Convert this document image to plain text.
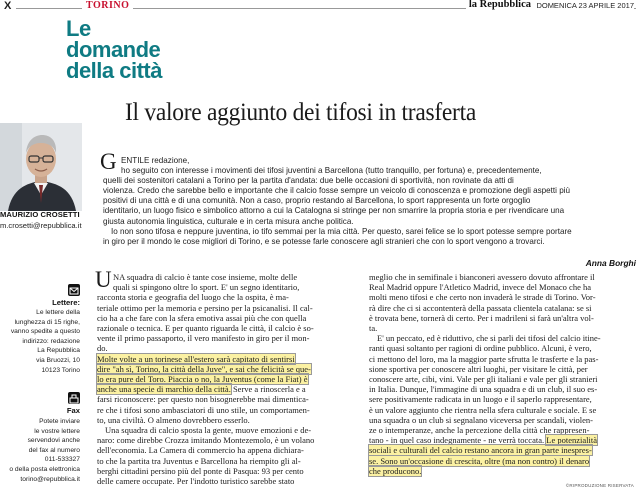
X	TORINO	la Repubblica DOMENICA 23 APRILE 2017
Le
domande
della città
Il valore aggiunto dei tifosi in trasferta
MAURIZIO CROSETTI
m.crosetti@repubblica.it
Lettere:
Le lettere della
lunghezza di 15 righe,
vanno spedite a questo
indirizzo: redazione
La Repubblica
via Bruozzi, 10
10123 Torino
Fax
Potete inviare
le vostre lettere
servendovi anche
del fax al numero
011-533327
o della posta elettronica
torino@repubblica.it
G ENTILE redazione,
ho seguito con interesse i movimenti dei tifosi juventini a Barcellona (tutto tranquillo, per fortuna) e, precedentemente,
quelli dei sostenitori catalani a Torino per la partita d'andata: due belle occasioni di sportività, non rovinate da atti di
violenza. Credo che sarebbe bello e importante che il calcio fosse sempre un veicolo di conoscenza e promozione degli aspetti più
positivi di una città e di una comunità. Non a caso, proprio restando al Barcellona, lo sport rappresenta un forte orgoglio
identitario, un luogo fisico e simbolico attorno a cui la Catalogna si stringe per non smarrire la propria storia e per rivendicare una
giusta autonomia linguistica, culturale e in certa misura anche politica.
Io non sono tifosa e neppure juventina, io tifo semmai per la mia città. Per questo, sarei felice se lo sport potesse sempre portare
in giro per il mondo le cose migliori di Torino, e se potesse farle conoscere agli stranieri che con lo sport vengono a trovarci.
Anna Borghi
U NA squadra di calcio è tante cose insieme, molte delle
quali si spingono oltre lo sport. E' un segno identitario,
racconta storia e geografia del luogo che la ospita, è ma-
teriale ottimo per la memoria e persino per la psicanalisi. Il cal-
cio ha a che fare con la sfera emotiva assai più che con quella
razionale o tecnica. E per quanto riguarda le città, il calcio è so-
vente il primo passaporto, il vero manifesto in giro per il mon-
do.
Molte volte a un torinese all'estero sarà capitato di sentirsi
dire "ah sì, Torino, la città della Juve", e sai che felicità se que-
lo era pure del Toro. Piaccia o no, la Juventus (come la Fiat) è
anche una specie di marchio della città. Serve a rinoscerla e a
farsi riconoscere: per questo non bisognerebbe mai dimentica-
re che i tifosi sono ambasciatori di uno stile, un comportamen-
to, una civiltà. O almeno dovrebbero esserlo.
Una squadra di calcio sposta la gente, muove emozioni e de-
naro: come direbbe Crozza imitando Montezemolo, è un volano
dell'economia. La Camera di commercio ha appena dichiara-
to che la partita tra Juventus e Barcellona ha riempito gli al-
berghi cittadini persino più del ponte di Pasqua: 93 per cento
delle camere occupate. Per l'indotto turistico sarebbe stato
meglio che in semifinale i bianconeri avessero dovuto affrontare il
Real Madrid oppure l'Atletico Madrid, invece del Monaco che ha
molti meno tifosi e che certo non invaderà le strade di Torino. Vor-
rà dire che ci si accontenterà della passata clientela catalana: se si
è trovata bene, tornerà di certo. Per i madrileni si farà un'altra vol-
ta.
E' un peccato, ed è riduttivo, che si parli dei tifosi del calcio itine-
ranti quasi soltanto per ragioni di ordine pubblico. Alcuni, è vero,
ci mettono del loro, ma la maggior parte sfrutta le trasferte e la pas-
sione sportiva per conoscere altri luoghi, per visitare le città, per
conoscere arte, cibi, vini. Vale per gli italiani e vale per gli stranieri
in Italia. Dunque, l'immagine di una squadra e di un club, il suo es-
sere positivamente radicata in un luogo e il saperlo rappresentare,
è un valore aggiunto che rientra nella sfera culturale e sociale. E se
una squadra o un club si segnalano viceversa per scandali, violen-
ze o intemperanze, anche la percezione della città che rappresen-
tano - in quel caso indegnamente - ne verrà toccata. Le potenzialità
sociali e culturali del calcio restano ancora in gran parte inespres-
se. Sono un'occasione di crescita, oltre (ma non contro) il denaro
che producono.
©RIPRODUZIONE RISERVATA
